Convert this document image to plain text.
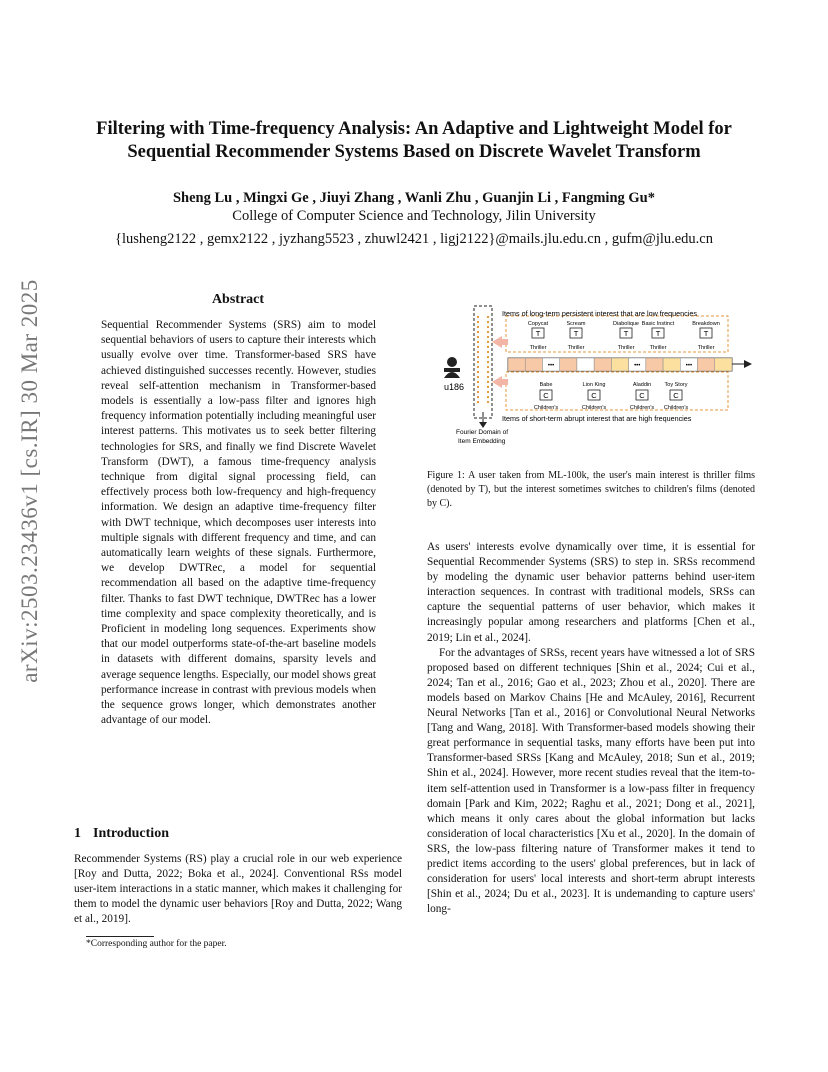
Filtering with Time-frequency Analysis: An Adaptive and Lightweight Model for
Sequential Recommender Systems Based on Discrete Wavelet Transform
Sheng Lu , Mingxi Ge , Jiuyi Zhang , Wanli Zhu , Guanjin Li , Fangming Gu*
College of Computer Science and Technology, Jilin University
{lusheng2122 , gemx2122 , jyzhang5523 , zhuwl2421 , ligj2122}@mails.jlu.edu.cn , gufm@jlu.edu.cn
arXiv:2503.23436v1 [cs.IR] 30 Mar 2025	Abstract
Sequential Recommender Systems (SRS) aim to model sequential behaviors of users to capture their interests which usually evolve over time. Transformer-based SRS have achieved distinguished successes recently. However, studies reveal self-attention mechanism in Transformer-based models is essentially a low-pass filter and ignores high frequency information potentially including meaningful user interest patterns. This motivates us to seek better filtering technologies for SRS, and finally we find Discrete Wavelet Transform (DWT), a famous time-frequency analysis technique from digital signal processing field, can effectively process both low-frequency and high-frequency information. We design an adaptive time-frequency filter with DWT technique, which decomposes user interests into multiple signals with different frequency and time, and can automatically learn weights of these signals. Furthermore, we develop DWTRec, a model for sequential recommendation all based on the adaptive time-frequency filter. Thanks to fast DWT technique, DWTRec has a lower time complexity and space complexity theoretically, and is Proficient in modeling long sequences. Experiments show that our model outperforms state-of-the-art baseline models in datasets with different domains, sparsity levels and average sequence lengths. Especially, our model shows great performance increase in contrast with previous models when the sequence grows longer, which demonstrates another advantage of our model.
1 Introduction
Recommender Systems (RS) play a crucial role in our web experience [Roy and Dutta, 2022; Boka et al., 2024]. Conventional RSs model user-item interactions in a static manner, which makes it challenging for them to model the dynamic user behaviors [Roy and Dutta, 2022; Wang et al., 2019].
*Corresponding author for the paper.
u186
Items of long-term persistent interest that are low frequencies
Items of short-term abrupt interest that are high frequencies
Fourier Domain of
Item Embedding
•••	•••	•••
Copycat
T
Thriller
Scream
T
Thriller
Diabolique
T
Thriller
Basic Instinct
T
Thriller
Breakdown
T
Thriller
Babe
C
Children's
Lion King
C
Children's
Aladdin
C
Children's
Toy Story
C
Children's
Figure 1: A user taken from ML-100k, the user's main interest is thriller films (denoted by T), but the interest sometimes switches to children's films (denoted by C).

As users' interests evolve dynamically over time, it is essential for Sequential Recommender Systems (SRS) to step in. SRSs recommend by modeling the dynamic user behavior patterns behind user-item interaction sequences. In contrast with traditional models, SRSs can capture the sequential patterns of user behavior, which makes it increasingly popular among researchers and platforms [Chen et al., 2019; Lin et al., 2024].

For the advantages of SRSs, recent years have witnessed a lot of SRS proposed based on different techniques [Shin et al., 2024; Cui et al., 2024; Tan et al., 2016; Gao et al., 2023; Zhou et al., 2020]. There are models based on Markov Chains [He and McAuley, 2016], Recurrent Neural Networks [Tan et al., 2016] or Convolutional Neural Networks [Tang and Wang, 2018]. With Transformer-based models showing their great performance in sequential tasks, many efforts have been put into Transformer-based SRSs [Kang and McAuley, 2018; Sun et al., 2019; Shin et al., 2024]. However, more recent studies reveal that the item-to-item self-attention used in Transformer is a low-pass filter in frequency domain [Park and Kim, 2022; Raghu et al., 2021; Dong et al., 2021], which means it only cares about the global information but lacks consideration of local characteristics [Xu et al., 2020]. In the domain of SRS, the low-pass filtering nature of Transformer makes it tend to predict items according to the users' global preferences, but in lack of consideration for users' local interests and short-term abrupt interests [Shin et al., 2024; Du et al., 2023]. It is undemanding to capture users' long-
